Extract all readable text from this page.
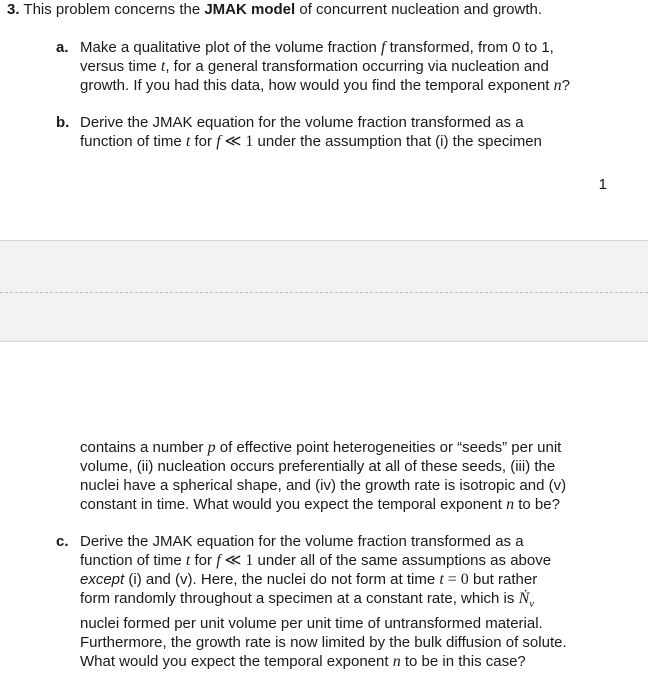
3. This problem concerns the JMAK model of concurrent nucleation and growth.
a. Make a qualitative plot of the volume fraction f transformed, from 0 to 1,

versus time t, for a general transformation occurring via nucleation and

growth. If you had this data, how would you find the temporal exponent n?

b. Derive the JMAK equation for the volume fraction transformed as a

function of time t for f ≪ 1 under the assumption that (i) the specimen

1

contains a number p of effective point heterogeneities or “seeds” per unit

volume, (ii) nucleation occurs preferentially at all of these seeds, (iii) the

nuclei have a spherical shape, and (iv) the growth rate is isotropic and (v)

constant in time. What would you expect the temporal exponent n to be?

c. Derive the JMAK equation for the volume fraction transformed as a

function of time t for f ≪ 1 under all of the same assumptions as above

except (i) and (v). Here, the nuclei do not form at time t = 0 but rather

form randomly throughout a specimen at a constant rate, which is $Ṅ_v$

nuclei formed per unit volume per unit time of untransformed material.

Furthermore, the growth rate is now limited by the bulk diffusion of solute.

What would you expect the temporal exponent n to be in this case?
